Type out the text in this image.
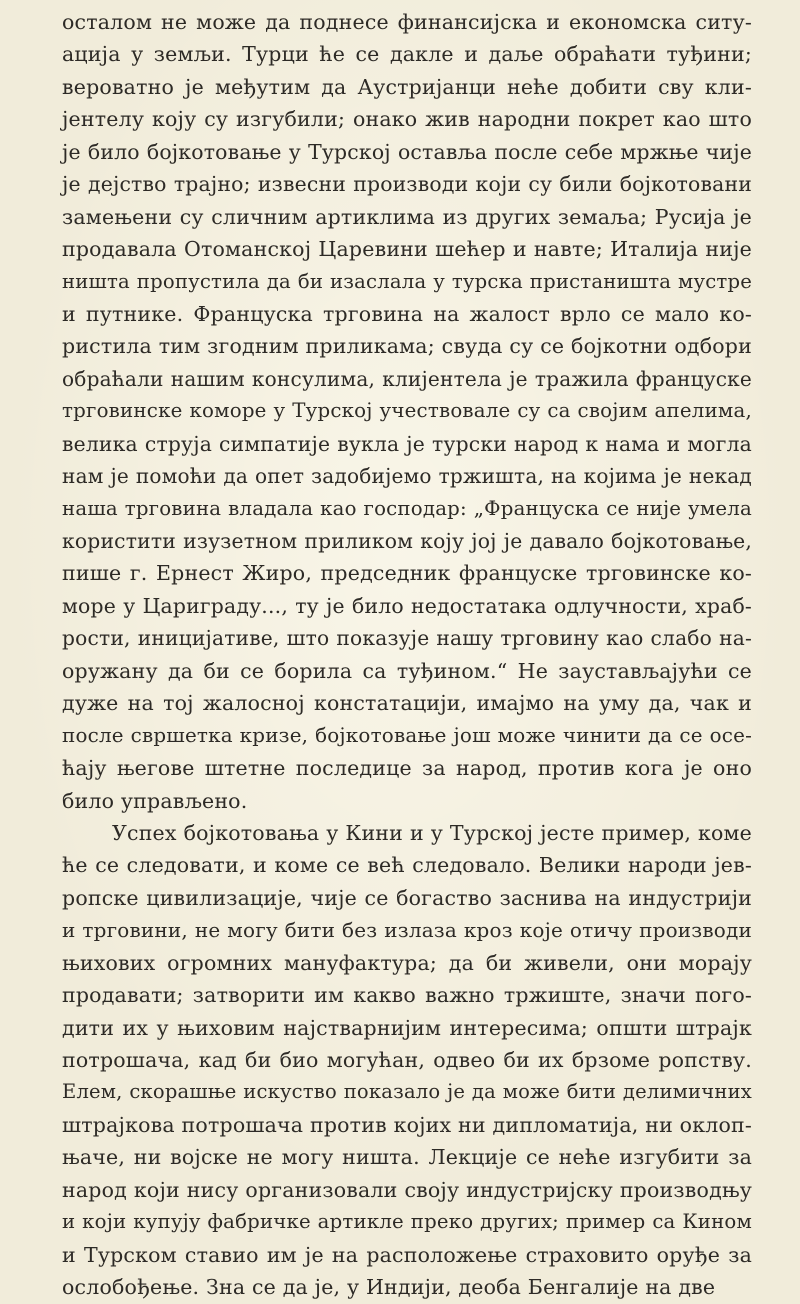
осталом не може да поднесе финансијска и економска ситу-
ација у земљи. Турци ће се дакле и даље обраћати туђини;
вероватно је међутим да Аустријанци неће добити сву кли-
јентелу коју су изгубили; онако жив народни покрет као што
је било бојкотовање у Турској оставља после себе мржње чије
је дејство трајно; извесни производи који су били бојкотовани
замењени су сличним артиклима из других земаља; Русија је
продавала Отоманској Царевини шећер и навте; Италија није
ништа пропустила да би изаслала у турска пристаништа мустре
и путнике. Француска трговина на жалост врло се мало ко-
ристила тим згодним приликама; свуда су се бојкотни одбори
обраћали нашим консулима, клијентела је тражила француске
трговинске коморе у Турској учествовале су са својим апелима,
велика струја симпатије вукла је турски народ к нама и могла
нам је помоћи да опет задобијемо тржишта, на којима је некад
наша трговина владала као господар: „Француска се није умела
користити изузетном приликом коју јој је давало бојкотовање,
пише г. Ернест Жиро, председник француске трговинске ко-
море у Цариграду..., ту је било недостатака одлучности, храб-
рости, иницијативе, што показује нашу трговину као слабо на-
оружану да би се борила са туђином.“ Не заустављајући се
дуже на тој жалосној констатацији, имајмо на уму да, чак и
после свршетка кризе, бојкотовање још може чинити да се осе-
ћају његове штетне последице за народ, против кога је оно
било управљено.
Успех бојкотовања у Кини и у Турској јесте пример, коме
ће се следовати, и коме се већ следовало. Велики народи јев-
ропске цивилизације, чије се богаство заснива на индустрији
и трговини, не могу бити без излаза кроз које отичу производи
њихових огромних мануфактура; да би живели, они морају
продавати; затворити им какво важно тржиште, значи пого-
дити их у њиховим најстварнијим интересима; општи штрајк
потрошача, кад би био могућан, одвео би их брзоме ропству.
Елем, скорашње искуство показало је да може бити делимичних
штрајкова потрошача против којих ни дипломатија, ни оклоп-
њаче, ни војске не могу ништа. Лекције се неће изгубити за
народ који нису организовали своју индустријску производњу
и који купују фабричке артикле преко других; пример са Кином
и Турском ставио им је на расположење страховито оруђе за
ослобођење. Зна се да је, у Индији, деоба Бенгалије на две
